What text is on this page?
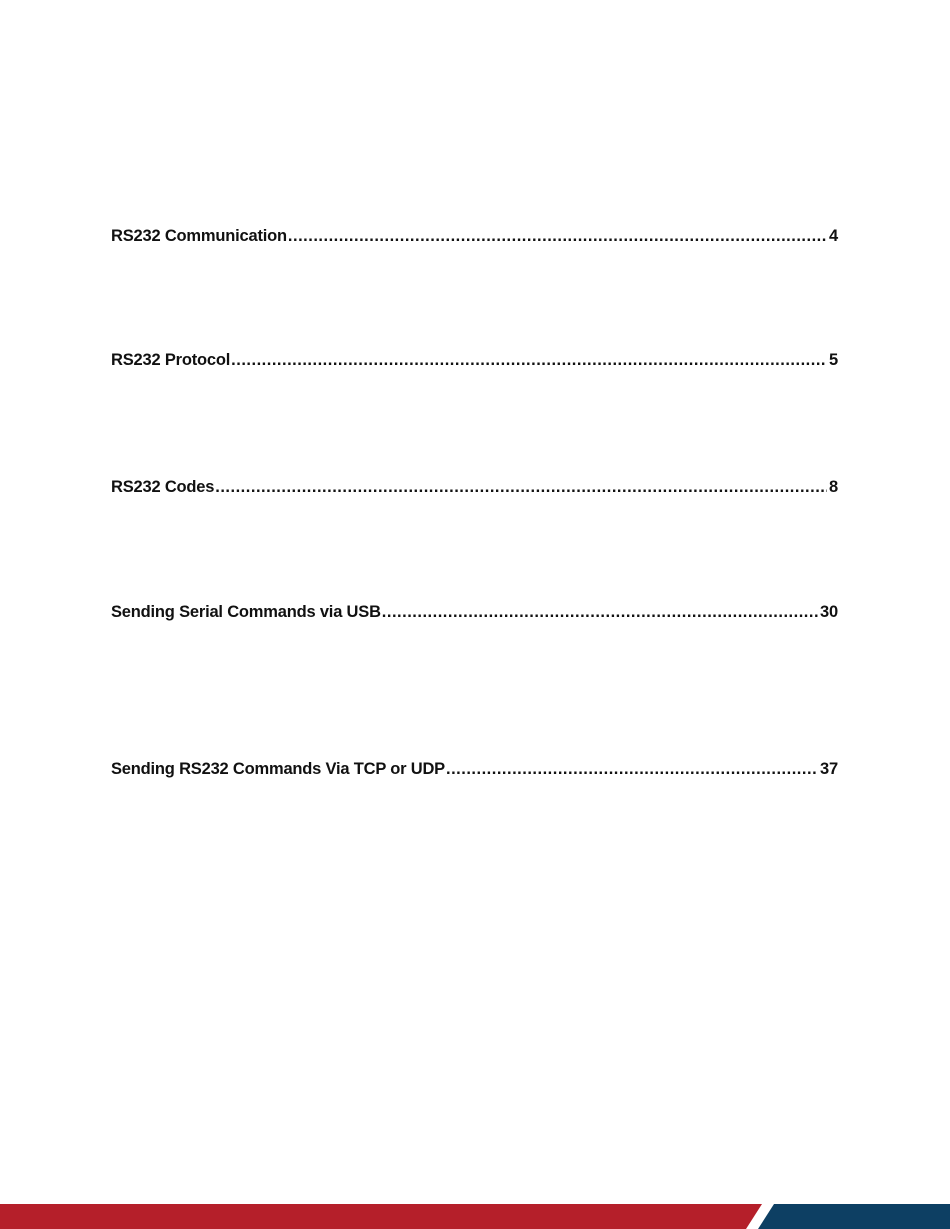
RS232 Communication .....	4
RS232 Protocol .....	5
RS232 Codes .....	8
Sending Serial Commands via USB .....	30
Sending RS232 Commands Via TCP or UDP .....	37
